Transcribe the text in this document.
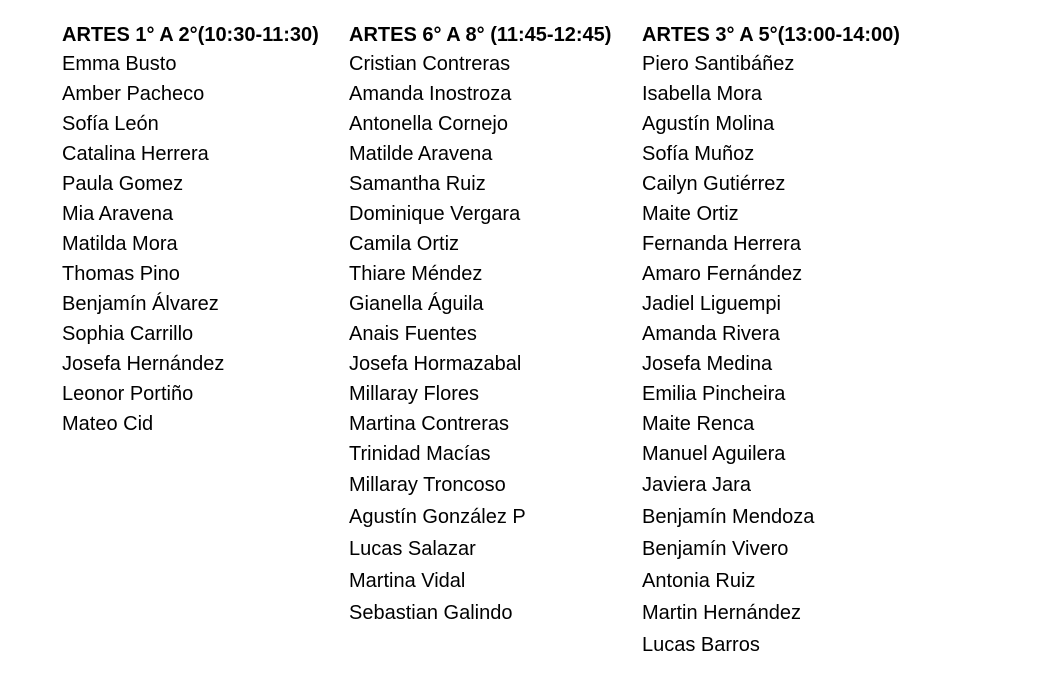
ARTES 1° A 2°(10:30-11:30)
Emma Busto
Amber Pacheco
Sofía León
Catalina Herrera
Paula Gomez
Mia Aravena
Matilda Mora
Thomas Pino
Benjamín Álvarez
Sophia Carrillo
Josefa Hernández
Leonor Portiño
Mateo Cid
ARTES 6° A 8° (11:45-12:45)
Cristian Contreras
Amanda Inostroza
Antonella Cornejo
Matilde Aravena
Samantha Ruiz
Dominique Vergara
Camila Ortiz
Thiare Méndez
Gianella Águila
Anais Fuentes
Josefa Hormazabal
Millaray Flores
Martina Contreras
Trinidad Macías
Millaray Troncoso
Agustín González P
Lucas Salazar
Martina Vidal
Sebastian Galindo
ARTES 3° A 5°(13:00-14:00)
Piero Santibáñez
Isabella Mora
Agustín Molina
Sofía Muñoz
Cailyn Gutiérrez
Maite Ortiz
Fernanda Herrera
Amaro Fernández
Jadiel Liguempi
Amanda Rivera
Josefa Medina
Emilia Pincheira
Maite Renca
Manuel Aguilera
Javiera Jara
Benjamín Mendoza
Benjamín Vivero
Antonia Ruiz
Martin Hernández
Lucas Barros
